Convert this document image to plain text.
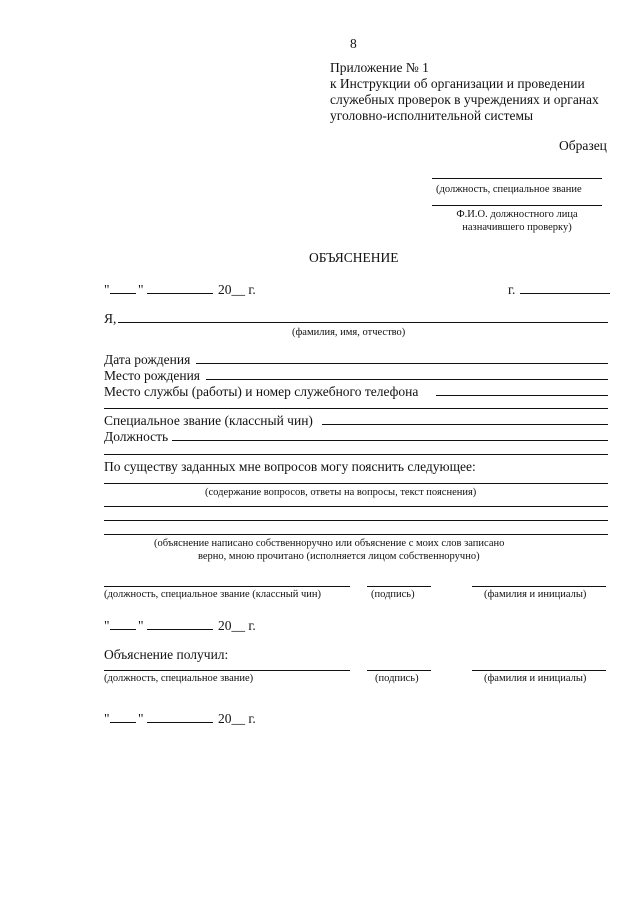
8
Приложение № 1
к Инструкции об организации и проведении
служебных проверок в учреждениях и органах
уголовно-исполнительной системы
Образец
(должность, специальное звание
Ф.И.О. должностного лица
назначившего проверку)
ОБЪЯСНЕНИЕ
" "	20__ г.	г.
Я,
(фамилия, имя, отчество)
Дата рождения
Место рождения
Место службы (работы) и номер служебного телефона
Специальное звание (классный чин)
Должность
По существу заданных мне вопросов могу пояснить следующее:
(содержание вопросов, ответы на вопросы, текст пояснения)
(объяснение написано собственноручно или объяснение с моих слов записано
верно, мною прочитано (исполняется лицом собственноручно)
(должность, специальное звание (классный чин)	(подпись)	(фамилия и инициалы)
" "	20__ г.
Объяснение получил:
(должность, специальное звание)	(подпись)	(фамилия и инициалы)
" "	20__ г.
